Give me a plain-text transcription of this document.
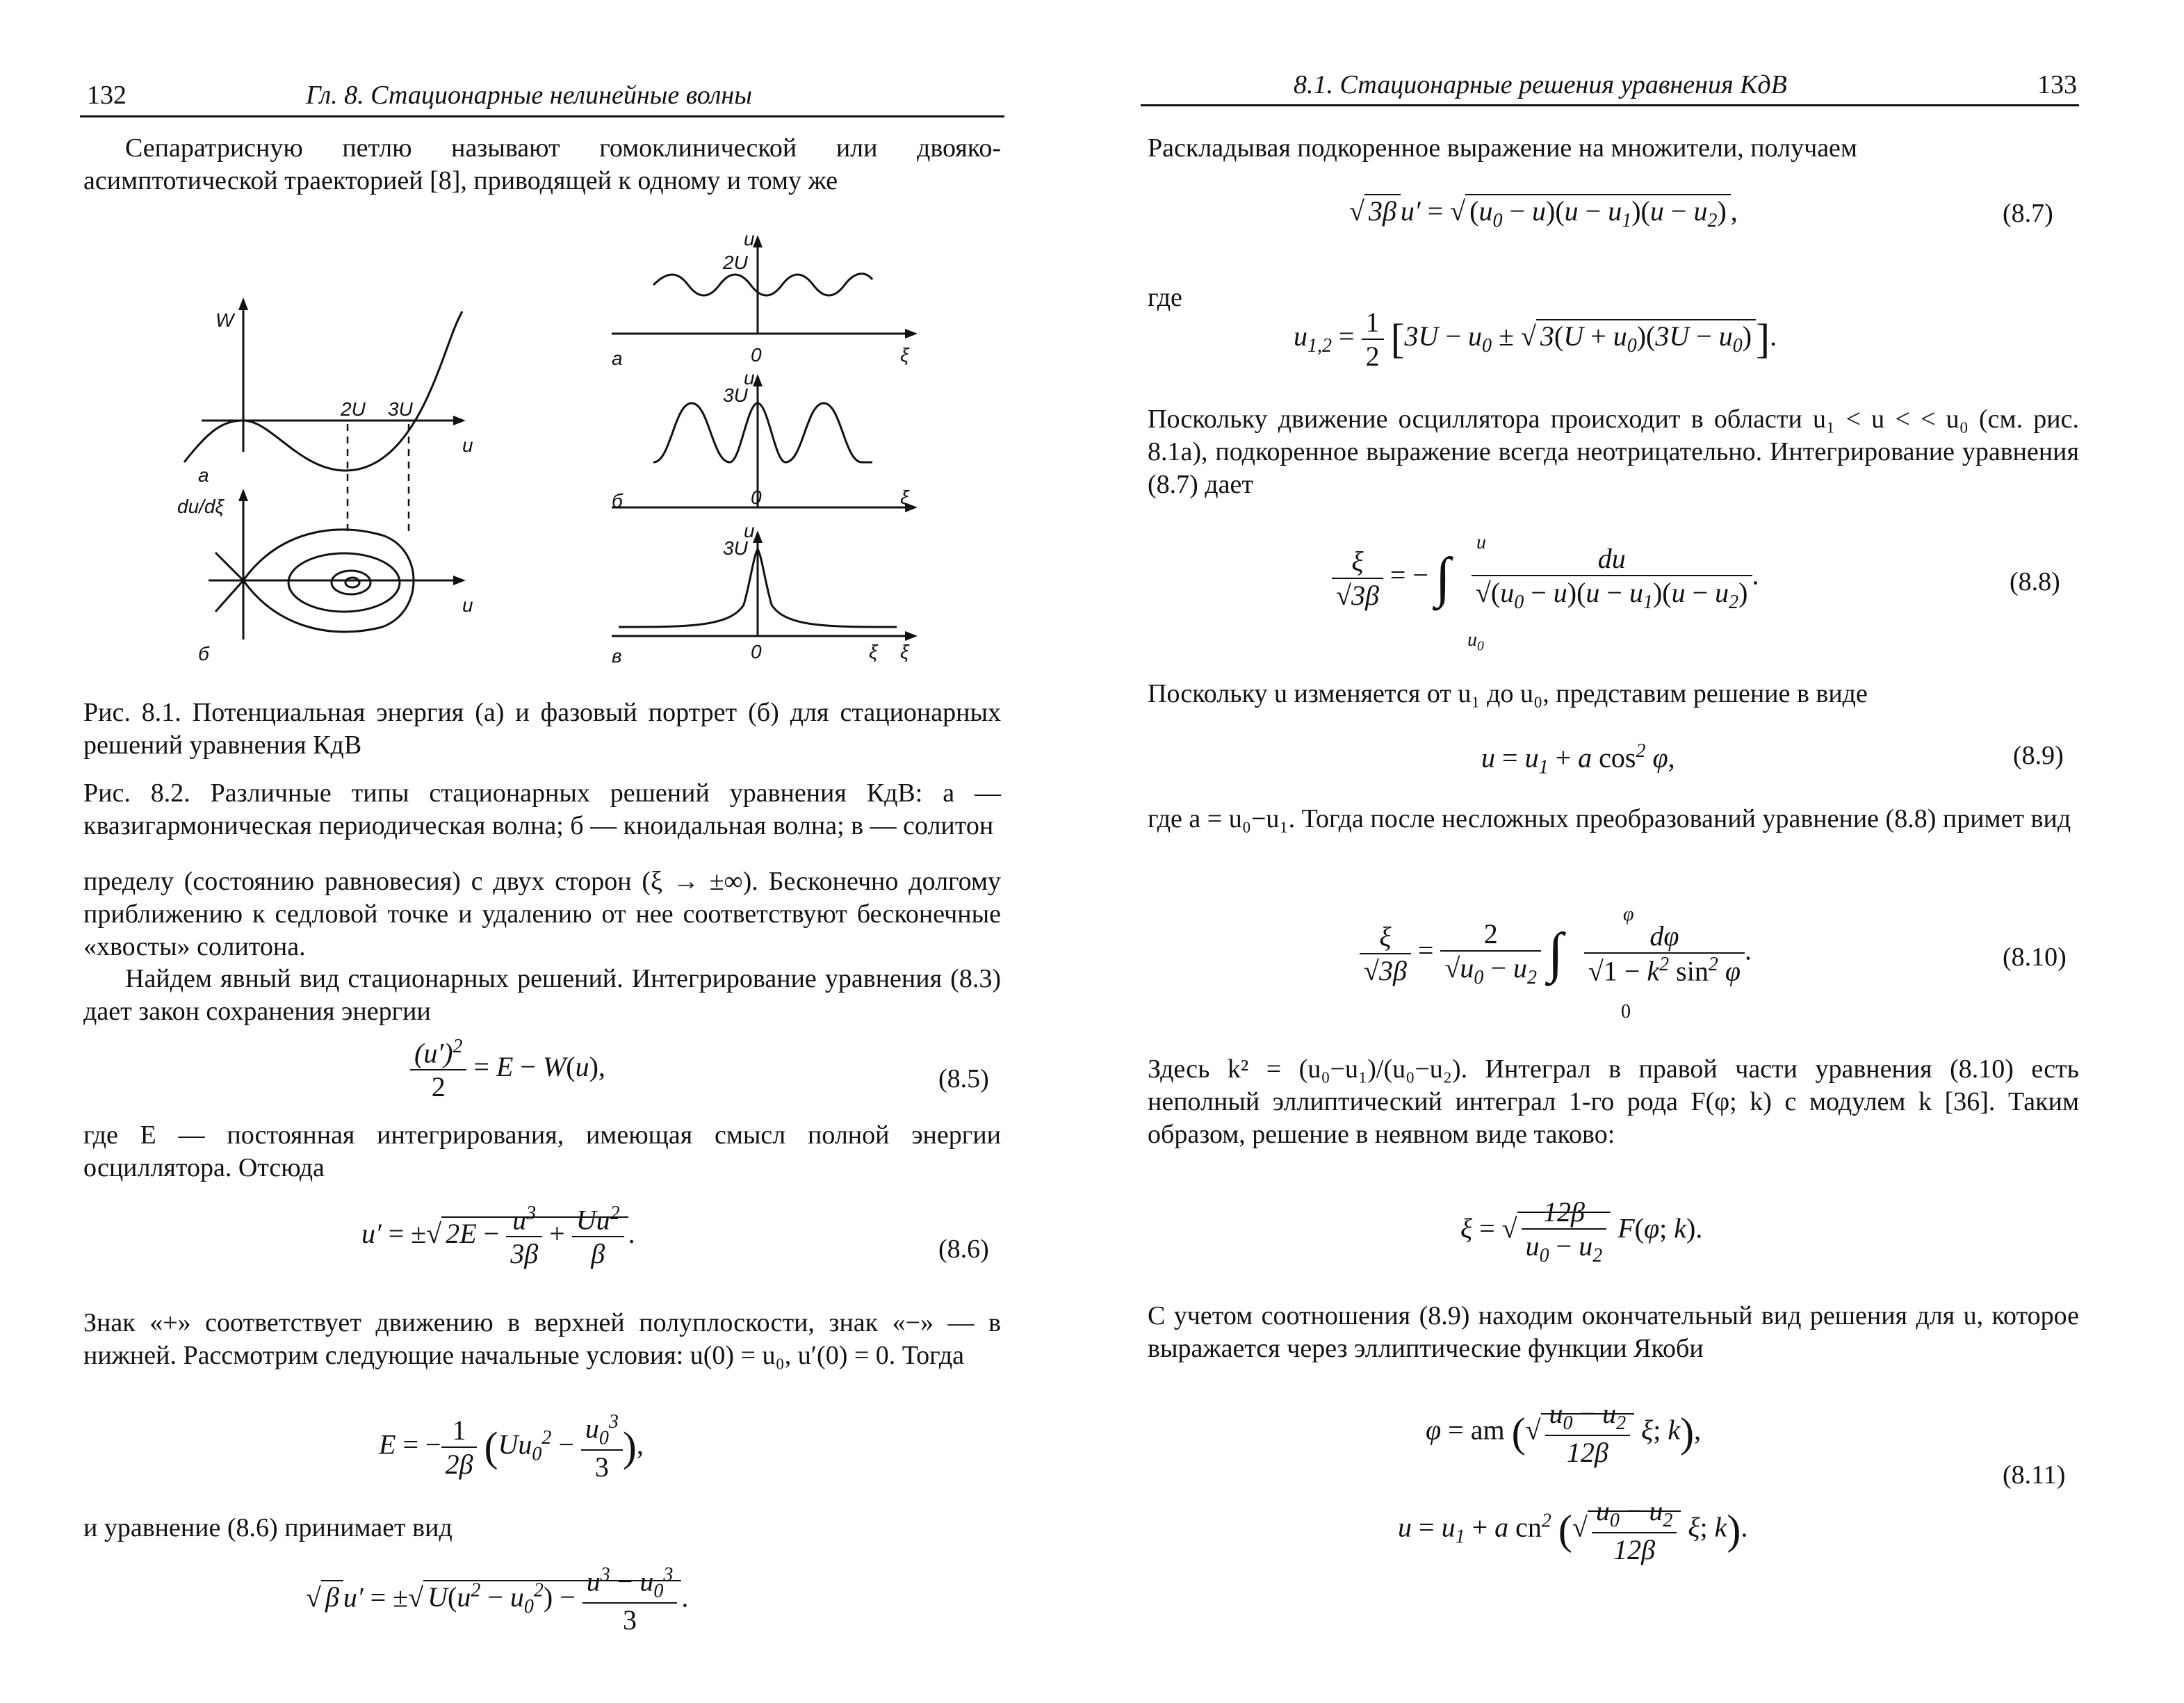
132	Гл. 8. Стационарные нелинейные волны
Сепаратрисную петлю называют гомоклинической или двояко-асимптотической траекторией [8], приводящей к одному и тому же
W
2U 3U
u
а
du/dξ
u
б
u
2U
а	0	ξ
u
3U
б	0	ξ
u
3U
в	0	ξ ξ
Рис. 8.1. Потенциальная энергия (а) и фазовый портрет (б) для стационарных решений уравнения КдВ
Рис. 8.2. Различные типы стационарных решений уравнения КдВ: а — квазигармоническая периодическая волна; б — кноидальная волна; в — солитон
пределу (состоянию равновесия) с двух сторон (ξ → ±∞). Бесконечно долгому приближению к седловой точке и удалению от нее соответствуют бесконечные «хвосты» солитона.
Найдем явный вид стационарных решений. Интегрирование уравнения (8.3) дает закон сохранения энергии
$\frac{(u')^2}{2} = E - W(u)$,	(8.5)
где E — постоянная интегрирования, имеющая смысл полной энергии осциллятора. Отсюда
u′ = ±√ $2E - \frac{u^3}{3\beta} + \frac{Uu^2}{\beta}$ .
(8.6)
Знак «+» соответствует движению в верхней полуплоскости, знак «−» — в нижней. Рассмотрим следующие начальные условия: u(0) = u₀, u′(0) = 0. Тогда
E = − $\frac{1}{2\beta} (Uu_0^2 - \frac{u_0^3}{3}$ ),
и уравнение (8.6) принимает вид
√ β u′ = ±√ $U(u^2 - u_0^2) - \frac{u^3 - u_0^3}{3}$ .
8.1. Стационарные решения уравнения КдВ	133
Раскладывая подкоренное выражение на множители, получаем
√ 3β u′ = √ $(u_0 - u)(u - u_1)(u - u_2)$ ,	(8.7)
где
$u_{1,2} = \frac{1}{2} [3U - u_0$ ± √ $3(U + u_0)(3U - u_0)$ ].
Поскольку движение осциллятора происходит в области u₁ < u < < u₀ (см. рис. 8.1а), подкоренное выражение всегда неотрицательно. Интегрирование уравнения (8.7) дает
$\frac{\xi}{√3\beta}$ = − ∫ $\frac{du}{√(u_0 - u)(u - u_1)(u - u_2)}$ .
u
$u_0$
(8.8)
Поскольку u изменяется от u₁ до u₀, представим решение в виде
$u = u_1 + a$ $\cos^2 \varphi$,	(8.9)
где a = u₀−u₁. Тогда после несложных преобразований уравнение (8.8) примет вид
$\frac{\xi}{√3\beta} = \frac{2}{√u_0 - u_2}$ ∫ $\frac{d\varphi}{√1 - k^2 \sin^2 \varphi}$ .
φ
0
(8.10)
Здесь k² = (u₀−u₁)/(u₀−u₂). Интеграл в правой части уравнения (8.10) есть неполный эллиптический интеграл 1-го рода F(φ; k) с модулем k [36]. Таким образом, решение в неявном виде таково:
ξ = √ $\frac{12\beta}{u_0 - u_2} F(\varphi$; k).
С учетом соотношения (8.9) находим окончательный вид решения для u, которое выражается через эллиптические функции Якоби
φ = am (√ $\frac{u_0 - u_2}{12\beta} \xi$; k),
$u = u_1 + a$ $cn^2$ (√ $\frac{u_0 - u_2}{12\beta} \xi$; k).
(8.11)
